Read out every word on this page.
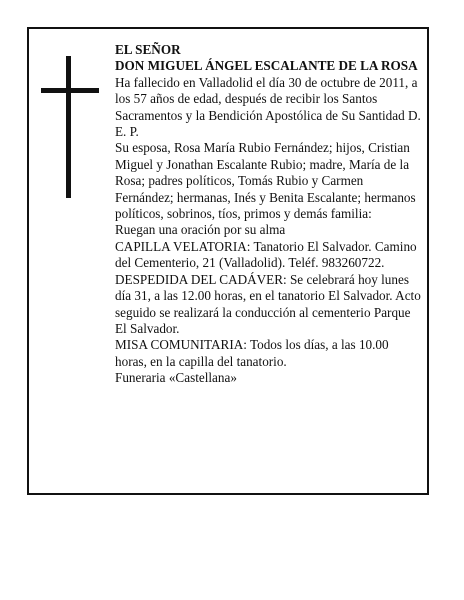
EL SEÑOR

DON MIGUEL ÁNGEL ESCALANTE DE LA ROSA

Ha fallecido en Valladolid el día 30 de octubre de 2011, a los 57 años de edad, después de recibir los Santos Sacramentos y la Bendición Apostólica de Su Santidad D. E. P.

Su esposa, Rosa María Rubio Fernández; hijos, Cristian Miguel y Jonathan Escalante Rubio; madre, María de la Rosa; padres políticos, Tomás Rubio y Carmen Fernández; hermanas, Inés y Benita Escalante; hermanos políticos, sobrinos, tíos, primos y demás familia:

Ruegan una oración por su alma

CAPILLA VELATORIA: Tanatorio El Salvador. Camino del Cementerio, 21 (Valladolid). Teléf. 983260722.

DESPEDIDA DEL CADÁVER: Se celebrará hoy lunes día 31, a las 12.00 horas, en el tanatorio El Salvador. Acto seguido se realizará la conducción al cementerio Parque El Salvador.

MISA COMUNITARIA: Todos los días, a las 10.00 horas, en la capilla del tanatorio.

Funeraria «Castellana»
